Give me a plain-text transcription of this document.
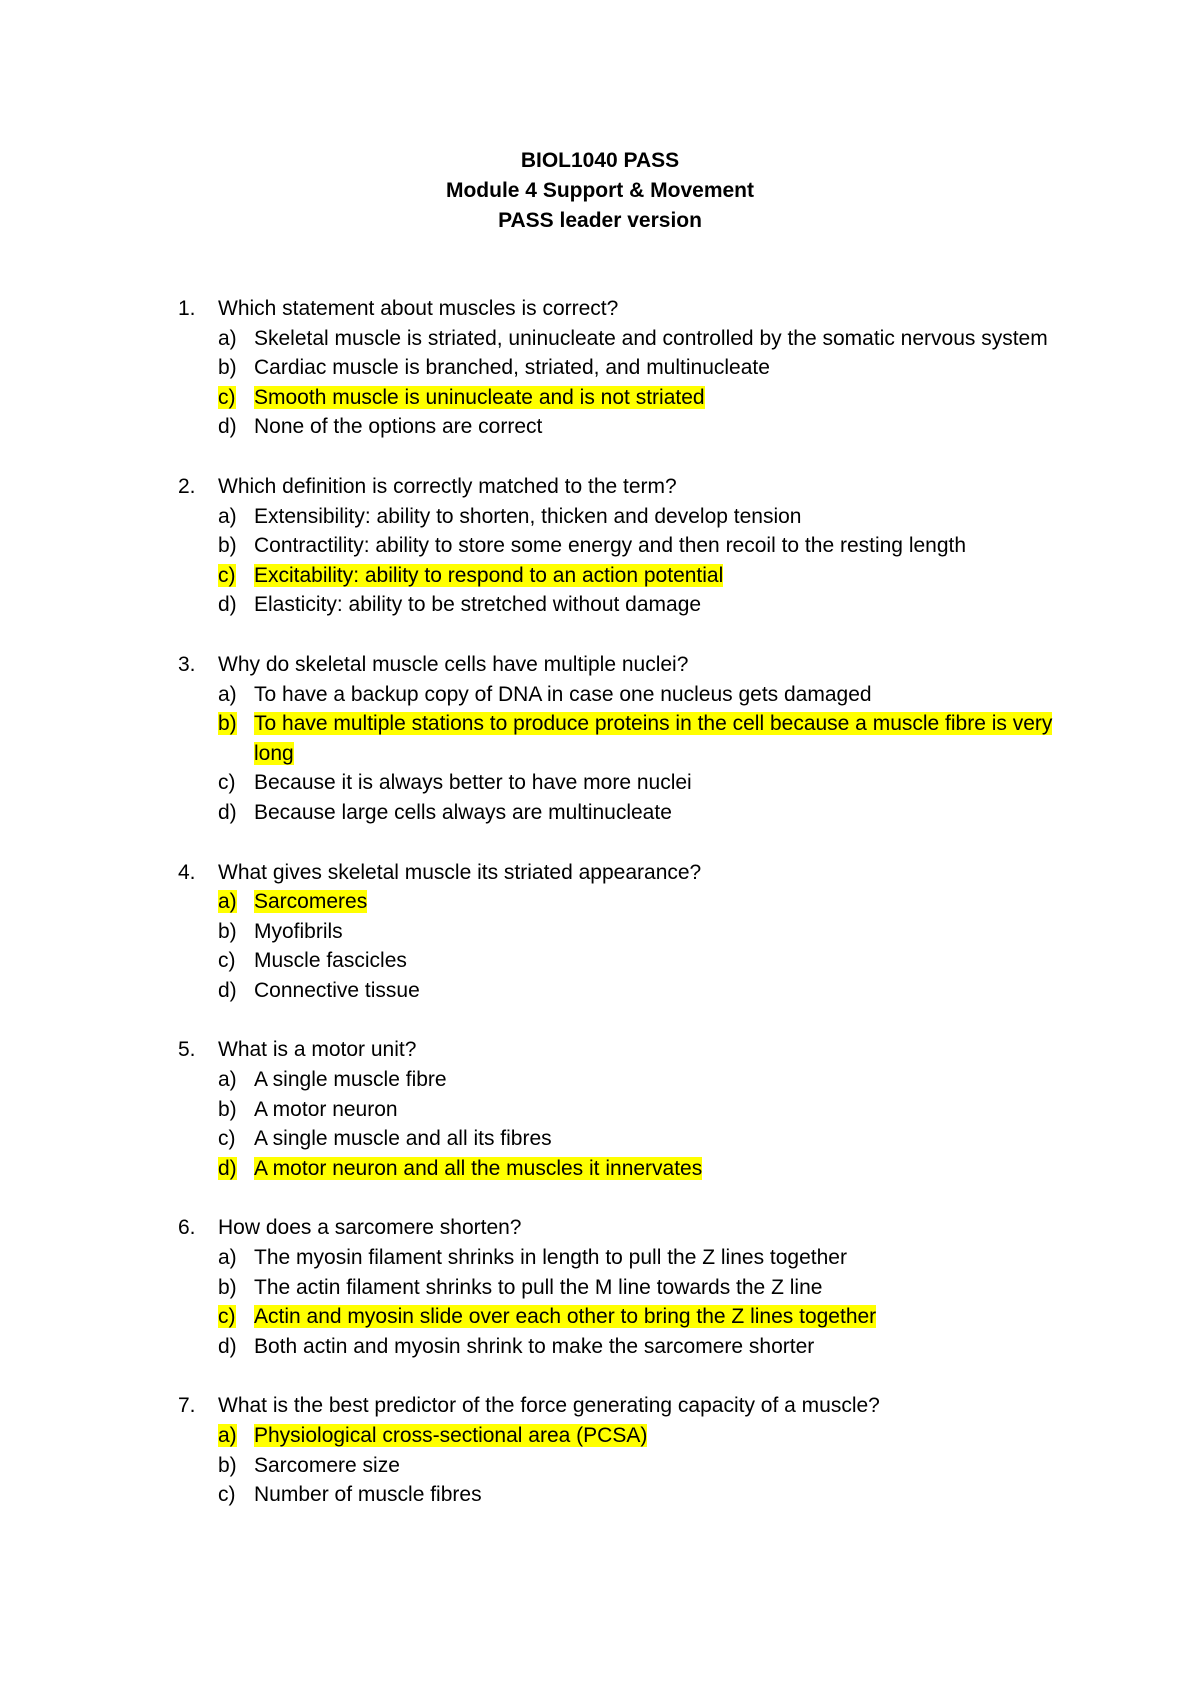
BIOL1040 PASS
Module 4 Support & Movement
PASS leader version
1.	Which statement about muscles is correct?
a) Skeletal muscle is striated, uninucleate and controlled by the somatic nervous system
b) Cardiac muscle is branched, striated, and multinucleate
c) Smooth muscle is uninucleate and is not striated
d) None of the options are correct
2.	Which definition is correctly matched to the term?
a) Extensibility: ability to shorten, thicken and develop tension
b) Contractility: ability to store some energy and then recoil to the resting length
c) Excitability: ability to respond to an action potential
d) Elasticity: ability to be stretched without damage
3.	Why do skeletal muscle cells have multiple nuclei?
a) To have a backup copy of DNA in case one nucleus gets damaged
b) To have multiple stations to produce proteins in the cell because a muscle fibre is very long
c) Because it is always better to have more nuclei
d) Because large cells always are multinucleate
4.	What gives skeletal muscle its striated appearance?
a) Sarcomeres
b) Myofibrils
c) Muscle fascicles
d) Connective tissue
5.	What is a motor unit?
a) A single muscle fibre
b) A motor neuron
c) A single muscle and all its fibres
d) A motor neuron and all the muscles it innervates
6.	How does a sarcomere shorten?
a) The myosin filament shrinks in length to pull the Z lines together
b) The actin filament shrinks to pull the M line towards the Z line
c) Actin and myosin slide over each other to bring the Z lines together
d) Both actin and myosin shrink to make the sarcomere shorter
7.	What is the best predictor of the force generating capacity of a muscle?
a) Physiological cross-sectional area (PCSA)
b) Sarcomere size
c) Number of muscle fibres
